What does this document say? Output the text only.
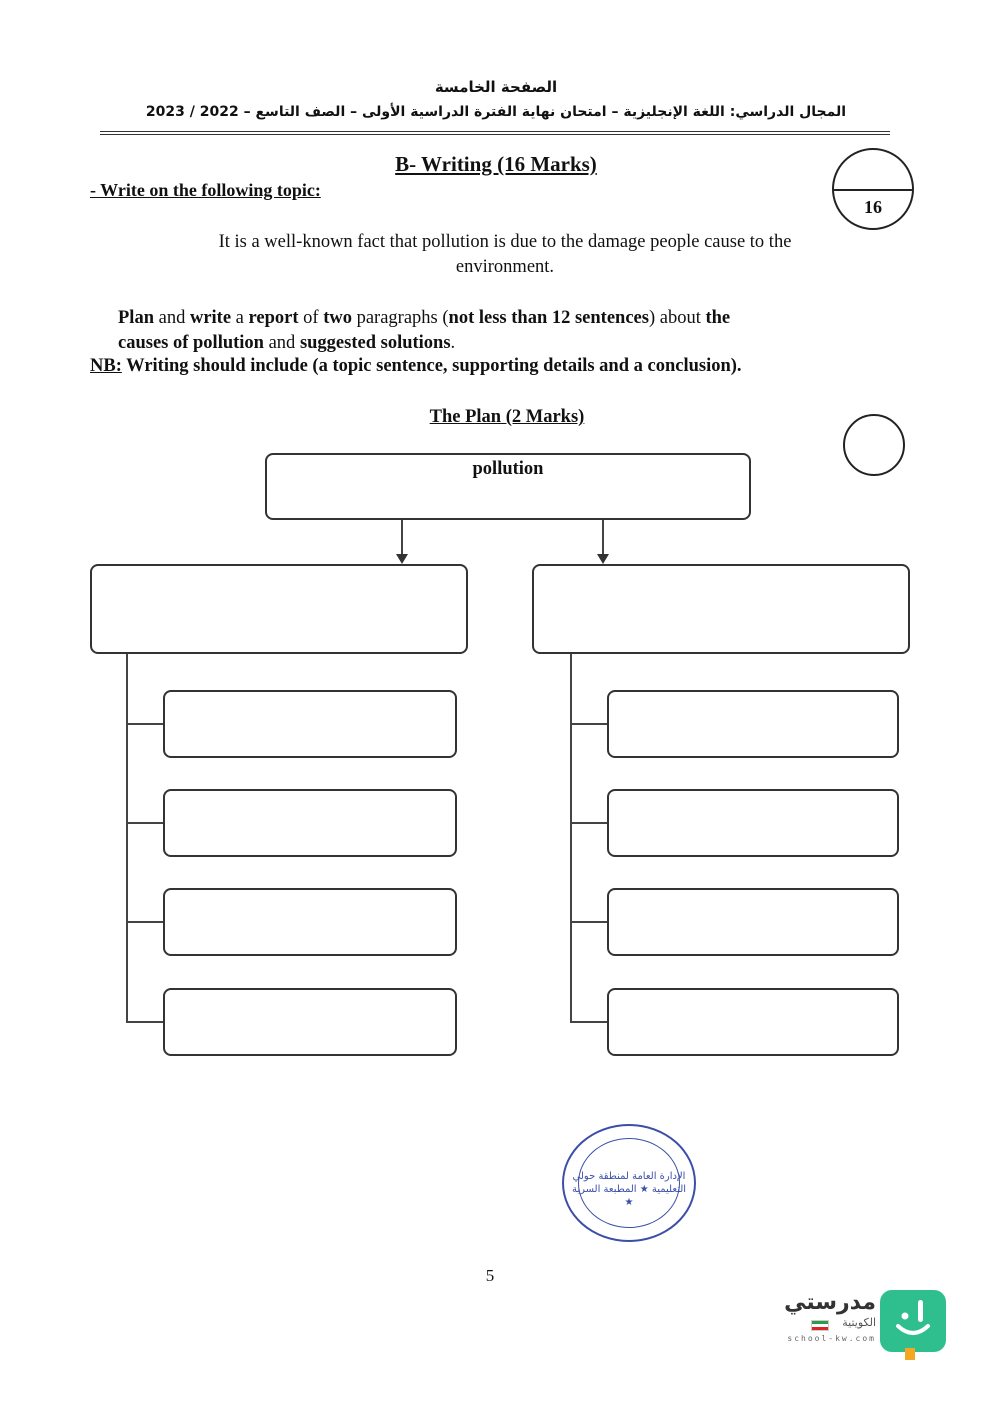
الصفحة الخامسة
المجال الدراسي: اللغة الإنجليزية – امتحان نهاية الفترة الدراسية الأولى – الصف التاسع – 2022 / 2023
B- Writing (16 Marks)
- Write on the following topic:
16
It is a well-known fact that pollution is due to the damage people cause to the
environment.
Plan and write a report of two paragraphs (not less than 12 sentences) about the
causes of pollution and suggested solutions.
NB: Writing should include (a topic sentence, supporting details and a conclusion).
The Plan (2 Marks)
pollution
الإدارة العامة لمنطقة حولي التعليمية ★ المطبعة السرية ★
5
مدرستي
الكويتية
school-kw.com
